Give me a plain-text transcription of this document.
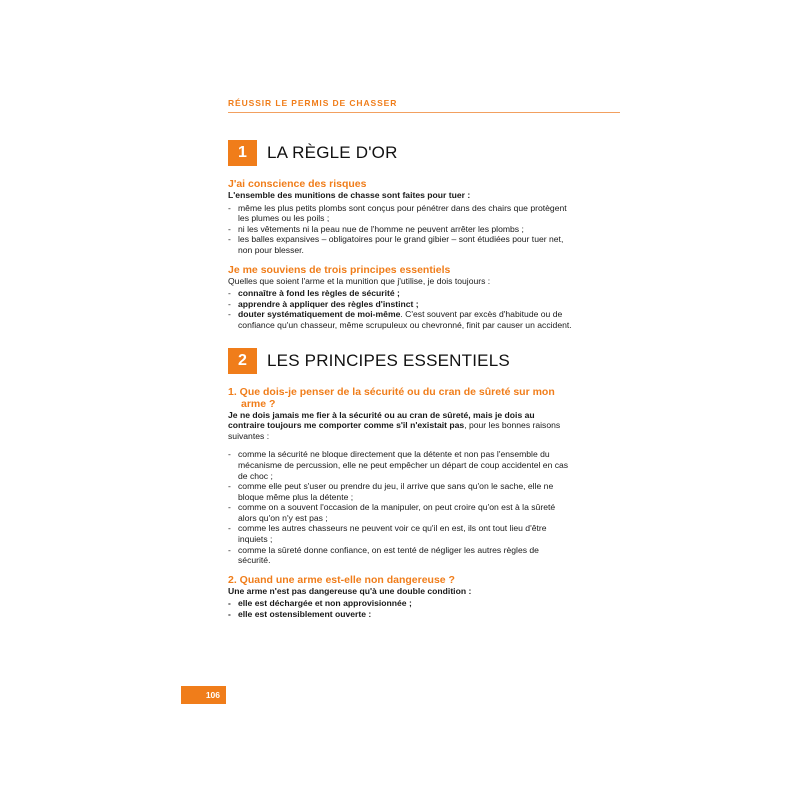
RÉUSSIR LE PERMIS DE CHASSER
1	LA RÈGLE D'OR

J'ai conscience des risques

L'ensemble des munitions de chasse sont faites pour tuer :

- même les plus petits plombs sont conçus pour pénétrer dans des chairs que protègent les plumes ou les poils ;
- ni les vêtements ni la peau nue de l'homme ne peuvent arrêter les plombs ;
- les balles expansives – obligatoires pour le grand gibier – sont étudiées pour tuer net, non pour blesser.

Je me souviens de trois principes essentiels

Quelles que soient l'arme et la munition que j'utilise, je dois toujours :

- connaître à fond les règles de sécurité ;
- apprendre à appliquer des règles d'instinct ;
- douter systématiquement de moi-même. C'est souvent par excès d'habitude ou de confiance qu'un chasseur, même scrupuleux ou chevronné, finit par causer un accident.
2	LES PRINCIPES ESSENTIELS

1. Que dois-je penser de la sécurité ou du cran de sûreté sur mon arme ?

Je ne dois jamais me fier à la sécurité ou au cran de sûreté, mais je dois au contraire toujours me comporter comme s'il n'existait pas, pour les bonnes raisons suivantes :

- comme la sécurité ne bloque directement que la détente et non pas l'ensemble du mécanisme de percussion, elle ne peut empêcher un départ de coup accidentel en cas de choc ;
- comme elle peut s'user ou prendre du jeu, il arrive que sans qu'on le sache, elle ne bloque même plus la détente ;
- comme on a souvent l'occasion de la manipuler, on peut croire qu'on est à la sûreté alors qu'on n'y est pas ;
- comme les autres chasseurs ne peuvent voir ce qu'il en est, ils ont tout lieu d'être inquiets ;
- comme la sûreté donne confiance, on est tenté de négliger les autres règles de sécurité.

2. Quand une arme est-elle non dangereuse ?

Une arme n'est pas dangereuse qu'à une double condition :

- elle est déchargée et non approvisionnée ;
- elle est ostensiblement ouverte :
106
